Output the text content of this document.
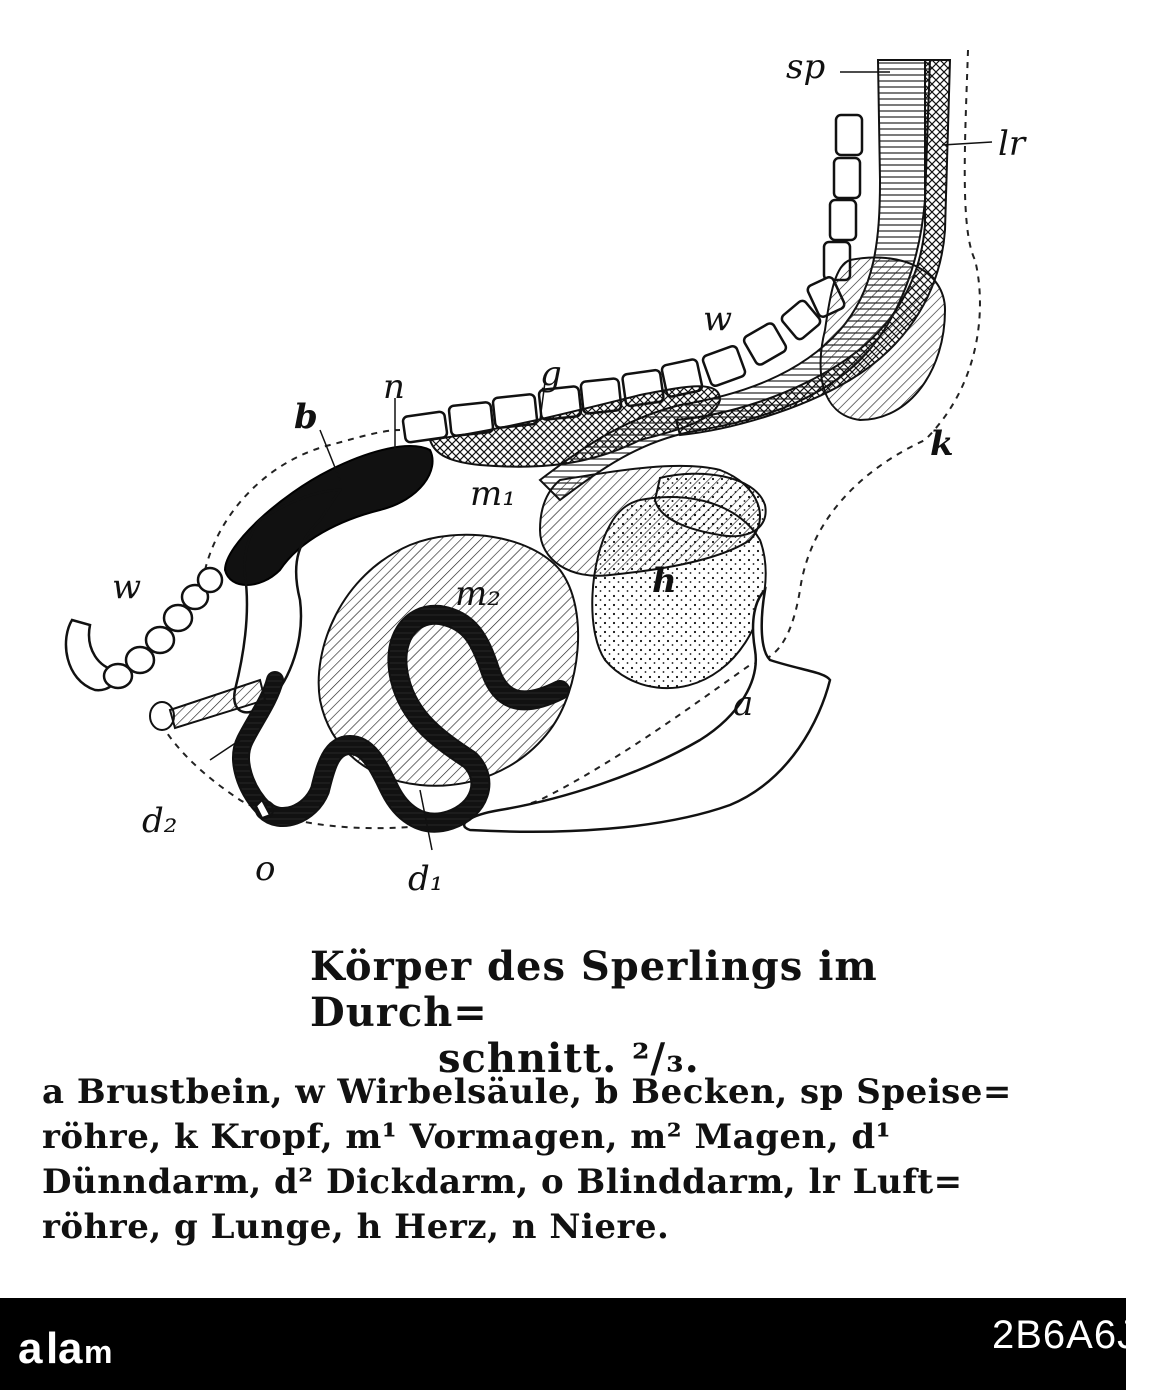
sp
lr
w
g
b
n
k
m₁
h
m₂
w
a
d₂
o	d₁
Körper des Sperlings im Durch=
schnitt. ²/₃.
a Brustbein, w Wirbelsäule, b Becken, sp Speise=
röhre, k Kropf, m¹ Vormagen, m² Magen, d¹
Dünndarm, d² Dickdarm, o Blinddarm, lr Luft=
röhre, g Lunge, h Herz, n Niere.
a l a m	2B6A6JY
